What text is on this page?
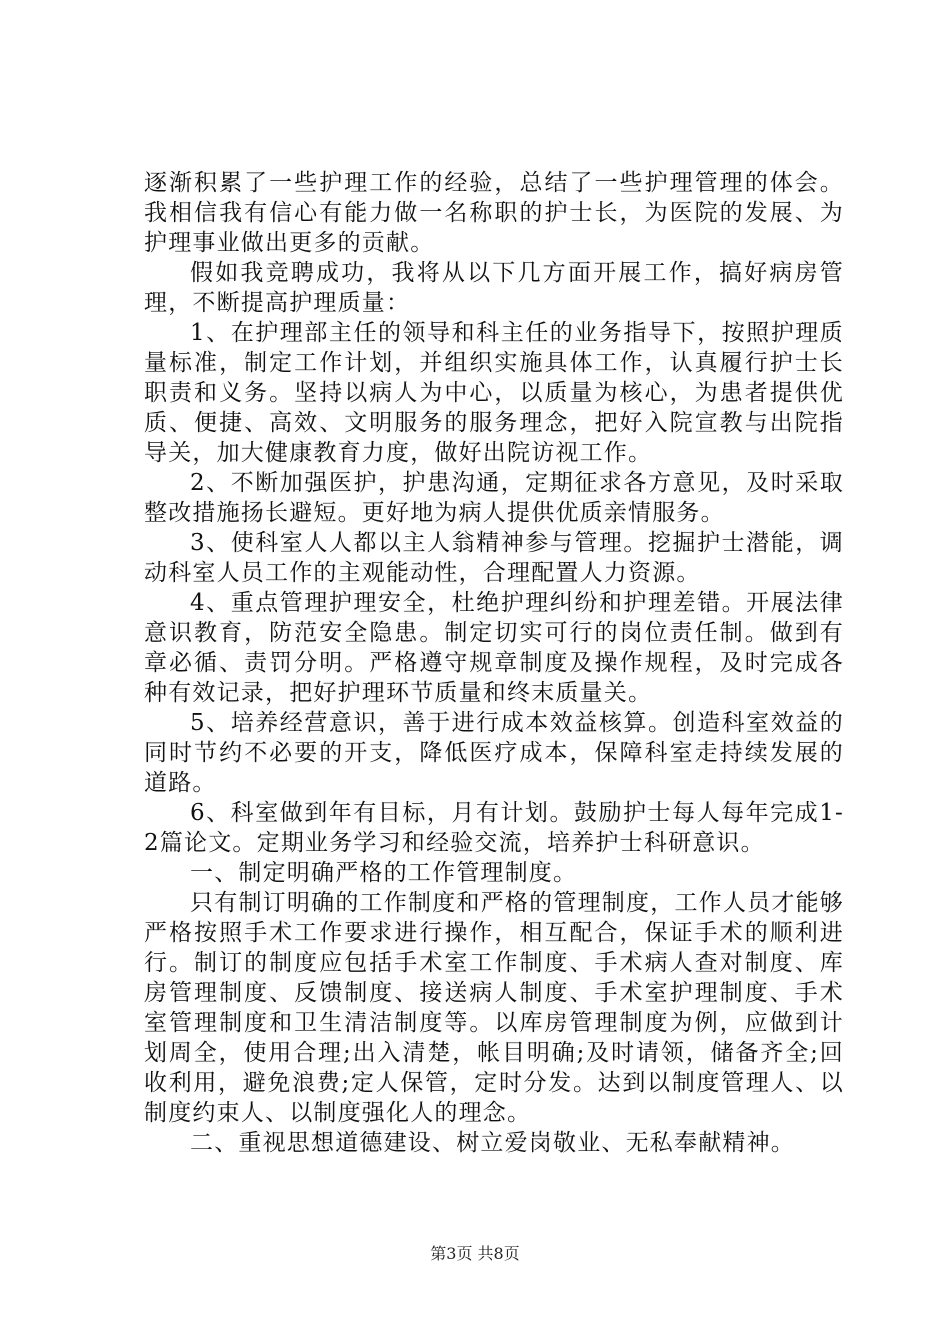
逐渐积累了一些护理工作的经验，总结了一些护理管理的体会。我相信我有信心有能力做一名称职的护士长，为医院的发展、为护理事业做出更多的贡献。

假如我竞聘成功，我将从以下几方面开展工作，搞好病房管理，不断提高护理质量：

1、在护理部主任的领导和科主任的业务指导下，按照护理质量标准，制定工作计划，并组织实施具体工作，认真履行护士长职责和义务。坚持以病人为中心，以质量为核心，为患者提供优质、便捷、高效、文明服务的服务理念，把好入院宣教与出院指导关，加大健康教育力度，做好出院访视工作。

2、不断加强医护，护患沟通，定期征求各方意见，及时采取整改措施扬长避短。更好地为病人提供优质亲情服务。

3、使科室人人都以主人翁精神参与管理。挖掘护士潜能，调动科室人员工作的主观能动性，合理配置人力资源。

4、重点管理护理安全，杜绝护理纠纷和护理差错。开展法律意识教育，防范安全隐患。制定切实可行的岗位责任制。做到有章必循、责罚分明。严格遵守规章制度及操作规程，及时完成各种有效记录，把好护理环节质量和终末质量关。

5、培养经营意识，善于进行成本效益核算。创造科室效益的同时节约不必要的开支，降低医疗成本，保障科室走持续发展的道路。

6、科室做到年有目标，月有计划。鼓励护士每人每年完成1-2篇论文。定期业务学习和经验交流，培养护士科研意识。

一、制定明确严格的工作管理制度。

只有制订明确的工作制度和严格的管理制度，工作人员才能够严格按照手术工作要求进行操作，相互配合，保证手术的顺利进行。制订的制度应包括手术室工作制度、手术病人查对制度、库房管理制度、反馈制度、接送病人制度、手术室护理制度、手术室管理制度和卫生清洁制度等。以库房管理制度为例，应做到计划周全，使用合理;出入清楚，帐目明确;及时请领，储备齐全;回收利用，避免浪费;定人保管，定时分发。达到以制度管理人、以制度约束人、以制度强化人的理念。

二、重视思想道德建设、树立爱岗敬业、无私奉献精神。

第3页 共8页
